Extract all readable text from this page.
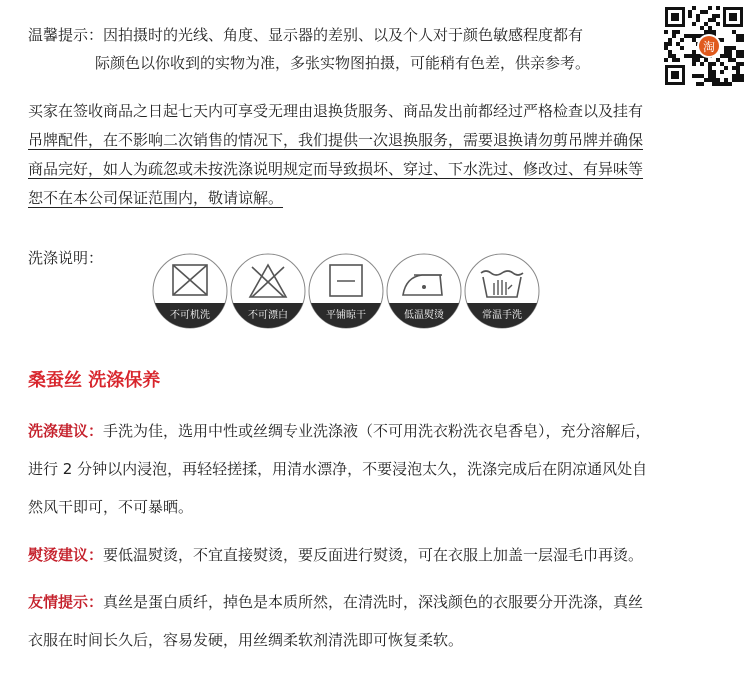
温馨提示：因拍摄时的光线、角度、显示器的差别、以及个人对于颜色敏感程度都有
际颜色以你收到的实物为准，多张实物图拍摄，可能稍有色差，供亲参考。
淘
买家在签收商品之日起七天内可享受无理由退换货服务、商品发出前都经过严格检查以及挂有
吊牌配件，在不影响二次销售的情况下，我们提供一次退换服务，需要退换请勿剪吊牌并确保
商品完好，如人为疏忽或未按洗涤说明规定而导致损坏、穿过、下水洗过、修改过、有异味等
恕不在本公司保证范围内，敬请谅解。
洗涤说明：
不可机洗	不可漂白	平铺晾干	低温熨烫	常温手洗
桑蚕丝 洗涤保养
洗涤建议：手洗为佳，选用中性或丝绸专业洗涤液（不可用洗衣粉洗衣皂香皂），充分溶解后，
进行 2 分钟以内浸泡，再轻轻搓揉，用清水漂净，不要浸泡太久，洗涤完成后在阴凉通风处自
然风干即可，不可暴晒。
熨烫建议：要低温熨烫，不宜直接熨烫，要反面进行熨烫，可在衣服上加盖一层湿毛巾再烫。
友情提示：真丝是蛋白质纤，掉色是本质所然，在清洗时，深浅颜色的衣服要分开洗涤，真丝
衣服在时间长久后，容易发硬，用丝绸柔软剂清洗即可恢复柔软。
